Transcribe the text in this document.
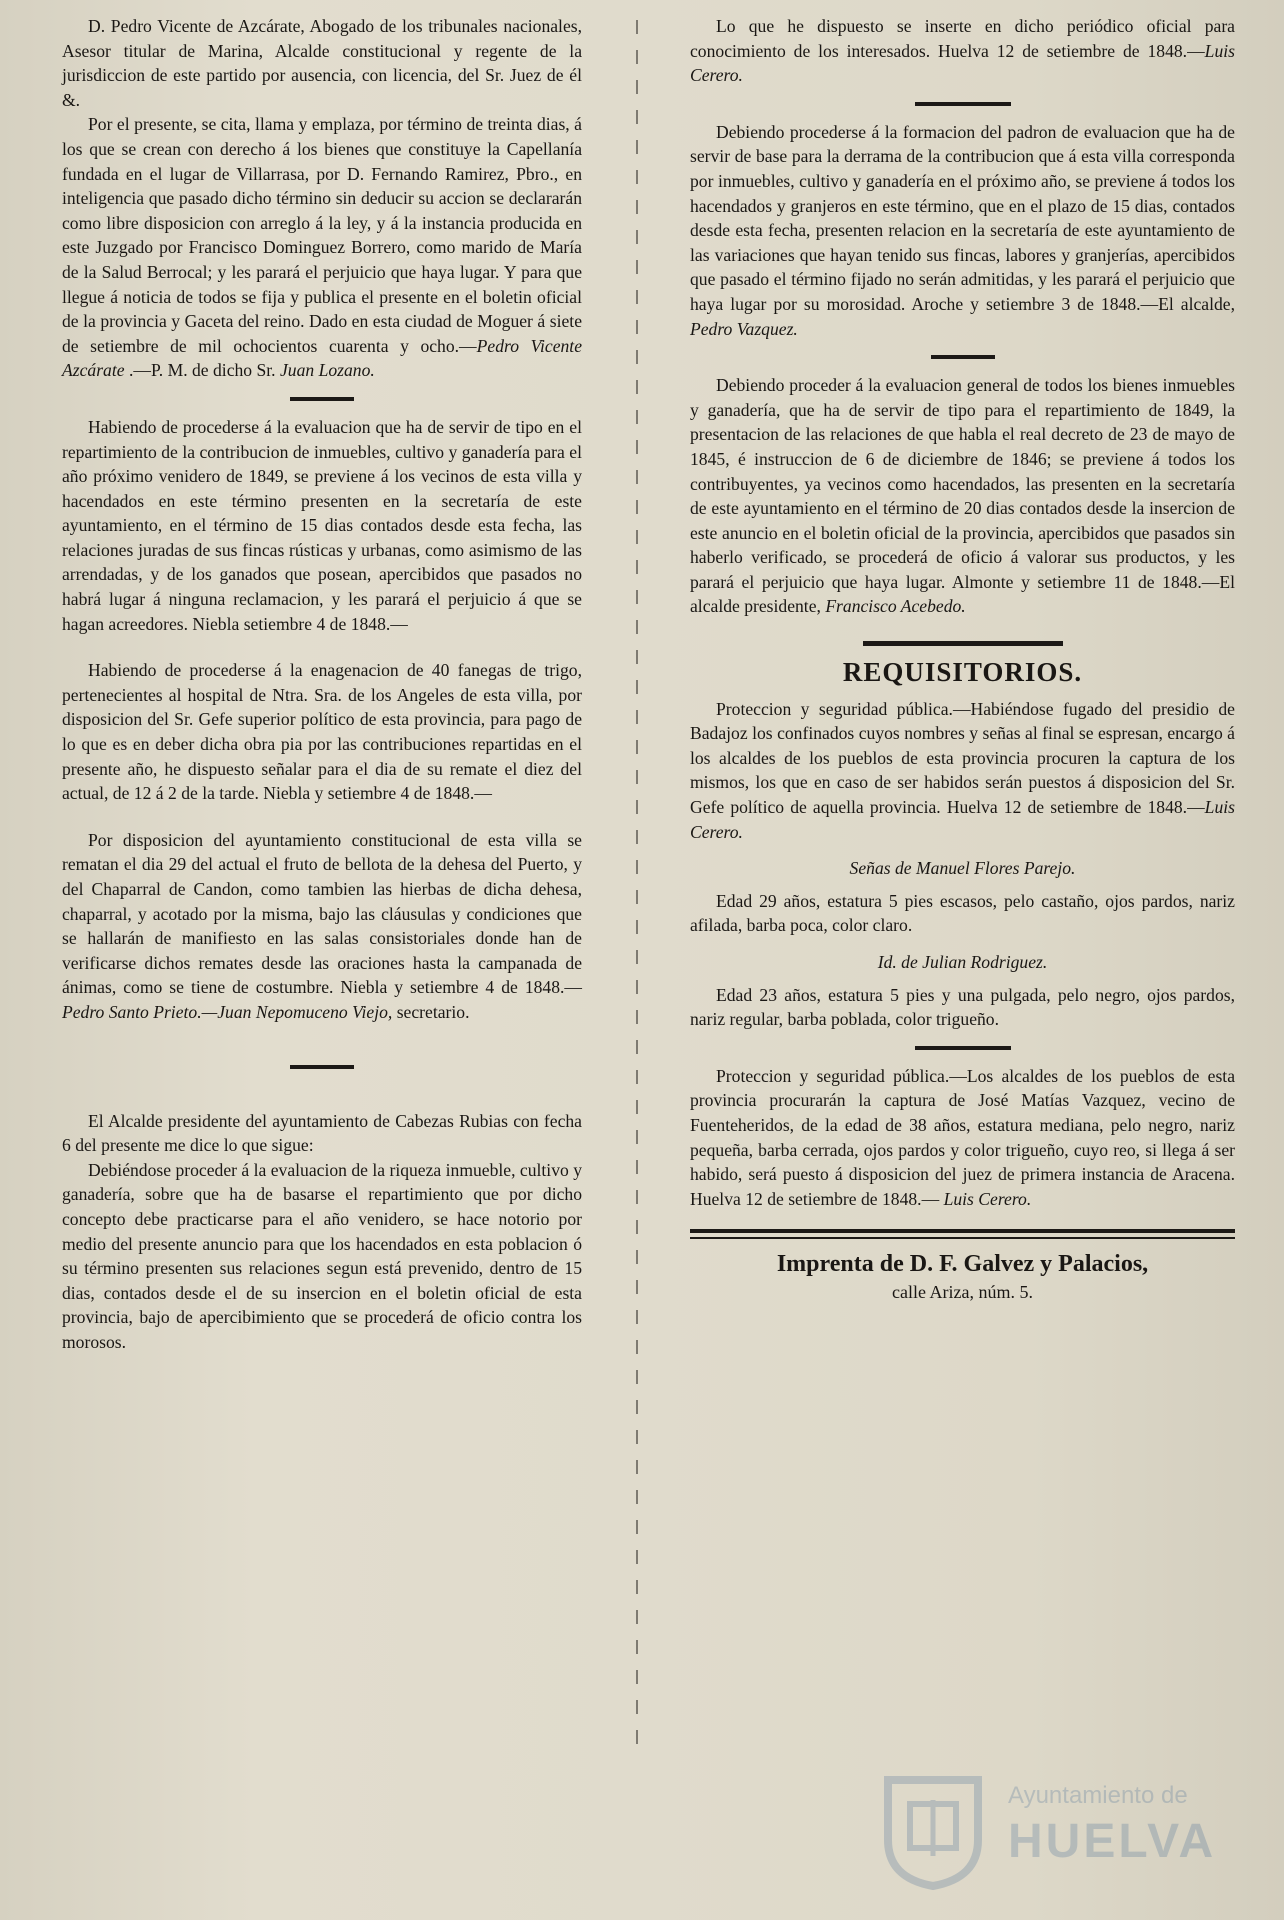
D. Pedro Vicente de Azcárate, Abogado de los tribunales nacionales, Asesor titular de Marina, Alcalde constitucional y regente de la jurisdiccion de este partido por ausencia, con licencia, del Sr. Juez de él &.

Por el presente, se cita, llama y emplaza, por término de treinta dias, á los que se crean con derecho á los bienes que constituye la Capellanía fundada en el lugar de Villarrasa, por D. Fernando Ramirez, Pbro., en inteligencia que pasado dicho término sin deducir su accion se declararán como libre disposicion con arreglo á la ley, y á la instancia producida en este Juzgado por Francisco Dominguez Borrero, como marido de María de la Salud Berrocal; y les parará el perjuicio que haya lugar. Y para que llegue á noticia de todos se fija y publica el presente en el boletin oficial de la provincia y Gaceta del reino. Dado en esta ciudad de Moguer á siete de setiembre de mil ochocientos cuarenta y ocho.—Pedro Vicente Azcárate .—P. M. de dicho Sr. Juan Lozano.

Habiendo de procederse á la evaluacion que ha de servir de tipo en el repartimiento de la contribucion de inmuebles, cultivo y ganadería para el año próximo venidero de 1849, se previene á los vecinos de esta villa y hacendados en este término presenten en la secretaría de este ayuntamiento, en el término de 15 dias contados desde esta fecha, las relaciones juradas de sus fincas rústicas y urbanas, como asimismo de las arrendadas, y de los ganados que posean, apercibidos que pasados no habrá lugar á ninguna reclamacion, y les parará el perjuicio á que se hagan acreedores. Niebla setiembre 4 de 1848.—

Habiendo de procederse á la enagenacion de 40 fanegas de trigo, pertenecientes al hospital de Ntra. Sra. de los Angeles de esta villa, por disposicion del Sr. Gefe superior político de esta provincia, para pago de lo que es en deber dicha obra pia por las contribuciones repartidas en el presente año, he dispuesto señalar para el dia de su remate el diez del actual, de 12 á 2 de la tarde. Niebla y setiembre 4 de 1848.—

Por disposicion del ayuntamiento constitucional de esta villa se rematan el dia 29 del actual el fruto de bellota de la dehesa del Puerto, y del Chaparral de Candon, como tambien las hierbas de dicha dehesa, chaparral, y acotado por la misma, bajo las cláusulas y condiciones que se hallarán de manifiesto en las salas consistoriales donde han de verificarse dichos remates desde las oraciones hasta la campanada de ánimas, como se tiene de costumbre. Niebla y setiembre 4 de 1848.—Pedro Santo Prieto.—Juan Nepomuceno Viejo, secretario.

El Alcalde presidente del ayuntamiento de Cabezas Rubias con fecha 6 del presente me dice lo que sigue:

Debiéndose proceder á la evaluacion de la riqueza inmueble, cultivo y ganadería, sobre que ha de basarse el repartimiento que por dicho concepto debe practicarse para el año venidero, se hace notorio por medio del presente anuncio para que los hacendados en esta poblacion ó su término presenten sus relaciones segun está prevenido, dentro de 15 dias, contados desde el de su insercion en el boletin oficial de esta provincia, bajo de apercibimiento que se procederá de oficio contra los morosos.

Lo que he dispuesto se inserte en dicho periódico oficial para conocimiento de los interesados. Huelva 12 de setiembre de 1848.—Luis Cerero.

Debiendo procederse á la formacion del padron de evaluacion que ha de servir de base para la derrama de la contribucion que á esta villa corresponda por inmuebles, cultivo y ganadería en el próximo año, se previene á todos los hacendados y granjeros en este término, que en el plazo de 15 dias, contados desde esta fecha, presenten relacion en la secretaría de este ayuntamiento de las variaciones que hayan tenido sus fincas, labores y granjerías, apercibidos que pasado el término fijado no serán admitidas, y les parará el perjuicio que haya lugar por su morosidad. Aroche y setiembre 3 de 1848.—El alcalde, Pedro Vazquez.

Debiendo proceder á la evaluacion general de todos los bienes inmuebles y ganadería, que ha de servir de tipo para el repartimiento de 1849, la presentacion de las relaciones de que habla el real decreto de 23 de mayo de 1845, é instruccion de 6 de diciembre de 1846; se previene á todos los contribuyentes, ya vecinos como hacendados, las presenten en la secretaría de este ayuntamiento en el término de 20 dias contados desde la insercion de este anuncio en el boletin oficial de la provincia, apercibidos que pasados sin haberlo verificado, se procederá de oficio á valorar sus productos, y les parará el perjuicio que haya lugar. Almonte y setiembre 11 de 1848.—El alcalde presidente, Francisco Acebedo.

REQUISITORIOS.

Proteccion y seguridad pública.—Habiéndose fugado del presidio de Badajoz los confinados cuyos nombres y señas al final se espresan, encargo á los alcaldes de los pueblos de esta provincia procuren la captura de los mismos, los que en caso de ser habidos serán puestos á disposicion del Sr. Gefe político de aquella provincia. Huelva 12 de setiembre de 1848.—Luis Cerero.

Señas de Manuel Flores Parejo.

Edad 29 años, estatura 5 pies escasos, pelo castaño, ojos pardos, nariz afilada, barba poca, color claro.

Id. de Julian Rodriguez.

Edad 23 años, estatura 5 pies y una pulgada, pelo negro, ojos pardos, nariz regular, barba poblada, color trigueño.

Proteccion y seguridad pública.—Los alcaldes de los pueblos de esta provincia procurarán la captura de José Matías Vazquez, vecino de Fuenteheridos, de la edad de 38 años, estatura mediana, pelo negro, nariz pequeña, barba cerrada, ojos pardos y color trigueño, cuyo reo, si llega á ser habido, será puesto á disposicion del juez de primera instancia de Aracena. Huelva 12 de setiembre de 1848.— Luis Cerero.

Imprenta de D. F. Galvez y Palacios,
calle Ariza, núm. 5.
Ayuntamiento de
HUELVA
